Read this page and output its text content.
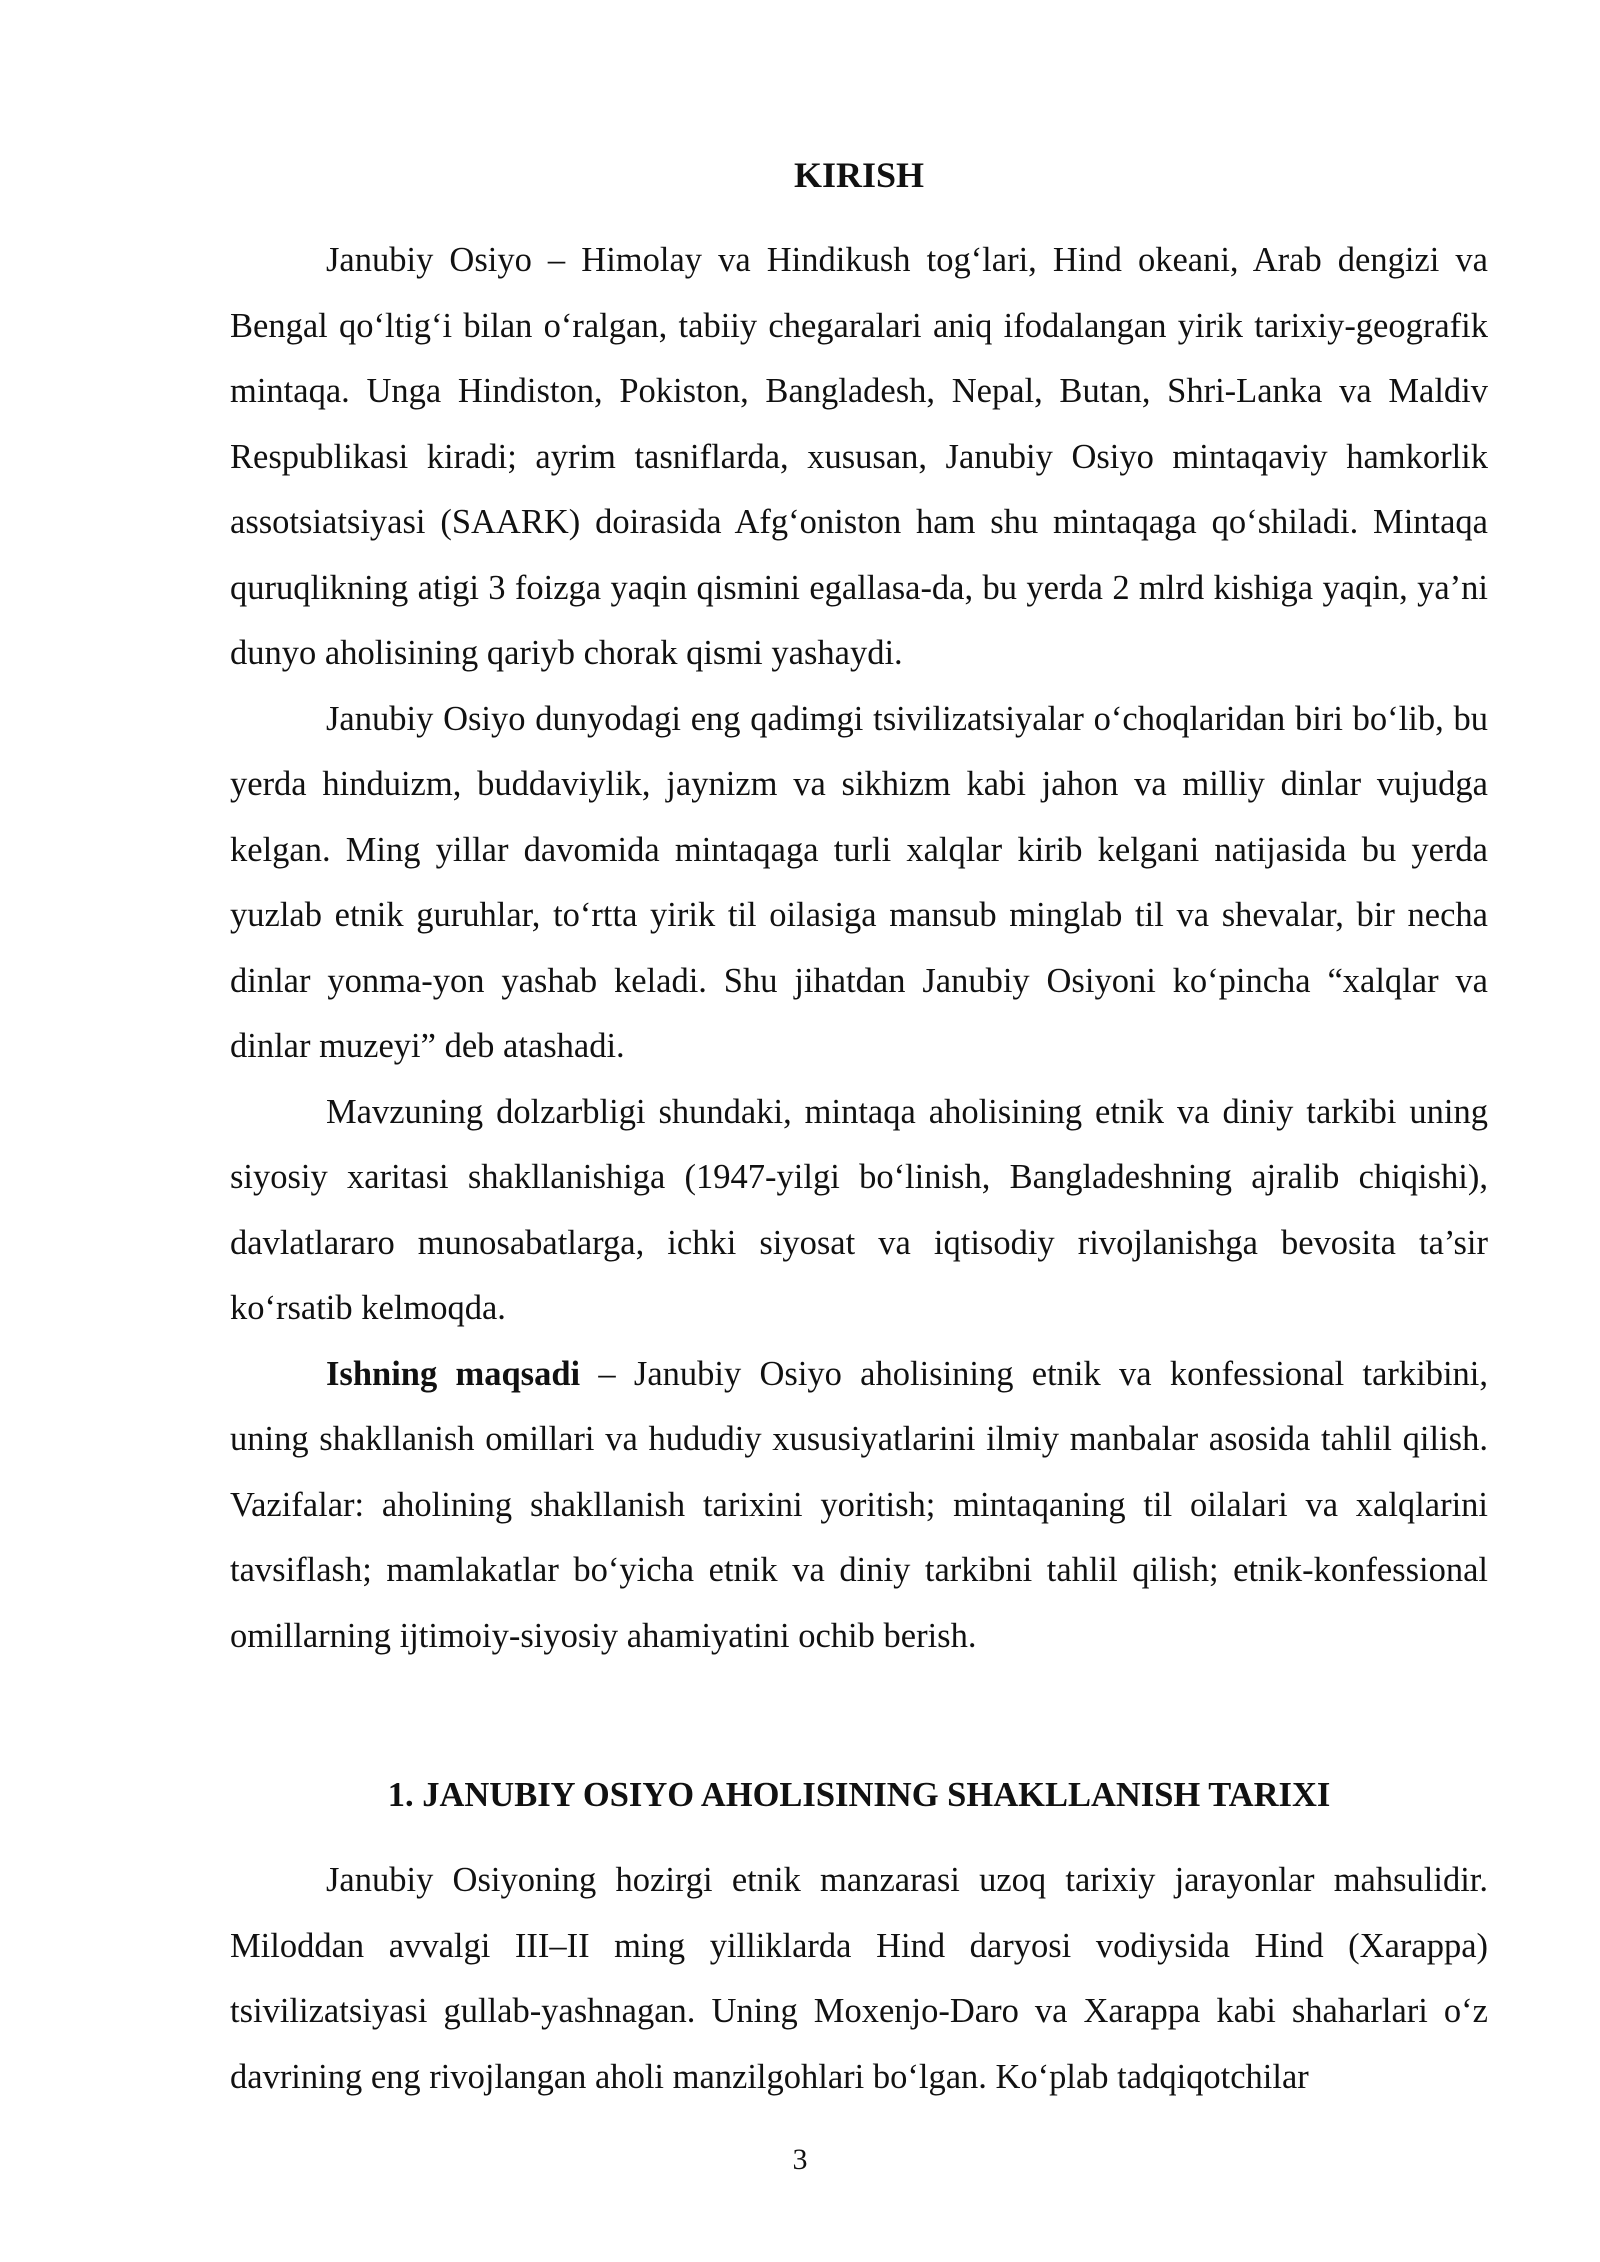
KIRISH

Janubiy Osiyo – Himolay va Hindikush tog‘lari, Hind okeani, Arab dengizi va Bengal qo‘ltig‘i bilan o‘ralgan, tabiiy chegaralari aniq ifodalangan yirik tarixiy-geografik mintaqa. Unga Hindiston, Pokiston, Bangladesh, Nepal, Butan, Shri-Lanka va Maldiv Respublikasi kiradi; ayrim tasniflarda, xususan, Janubiy Osiyo mintaqaviy hamkorlik assotsiatsiyasi (SAARK) doirasida Afg‘oniston ham shu mintaqaga qo‘shiladi. Mintaqa quruqlikning atigi 3 foizga yaqin qismini egallasa-da, bu yerda 2 mlrd kishiga yaqin, ya’ni dunyo aholisining qariyb chorak qismi yashaydi.

Janubiy Osiyo dunyodagi eng qadimgi tsivilizatsiyalar o‘choqlaridan biri bo‘lib, bu yerda hinduizm, buddaviylik, jaynizm va sikhizm kabi jahon va milliy dinlar vujudga kelgan. Ming yillar davomida mintaqaga turli xalqlar kirib kelgani natijasida bu yerda yuzlab etnik guruhlar, to‘rtta yirik til oilasiga mansub minglab til va shevalar, bir necha dinlar yonma-yon yashab keladi. Shu jihatdan Janubiy Osiyoni ko‘pincha “xalqlar va dinlar muzeyi” deb atashadi.

Mavzuning dolzarbligi shundaki, mintaqa aholisining etnik va diniy tarkibi uning siyosiy xaritasi shakllanishiga (1947-yilgi bo‘linish, Bangladeshning ajralib chiqishi), davlatlararo munosabatlarga, ichki siyosat va iqtisodiy rivojlanishga bevosita ta’sir ko‘rsatib kelmoqda.

Ishning maqsadi – Janubiy Osiyo aholisining etnik va konfessional tarkibini, uning shakllanish omillari va hududiy xususiyatlarini ilmiy manbalar asosida tahlil qilish. Vazifalar: aholining shakllanish tarixini yoritish; mintaqaning til oilalari va xalqlarini tavsiflash; mamlakatlar bo‘yicha etnik va diniy tarkibni tahlil qilish; etnik-konfessional omillarning ijtimoiy-siyosiy ahamiyatini ochib berish.

1. JANUBIY OSIYO AHOLISINING SHAKLLANISH TARIXI

Janubiy Osiyoning hozirgi etnik manzarasi uzoq tarixiy jarayonlar mahsulidir. Miloddan avvalgi III–II ming yilliklarda Hind daryosi vodiysida Hind (Xarappa) tsivilizatsiyasi gullab-yashnagan. Uning Moxenjo-Daro va Xarappa kabi shaharlari o‘z davrining eng rivojlangan aholi manzilgohlari bo‘lgan. Ko‘plab tadqiqotchilar

3
